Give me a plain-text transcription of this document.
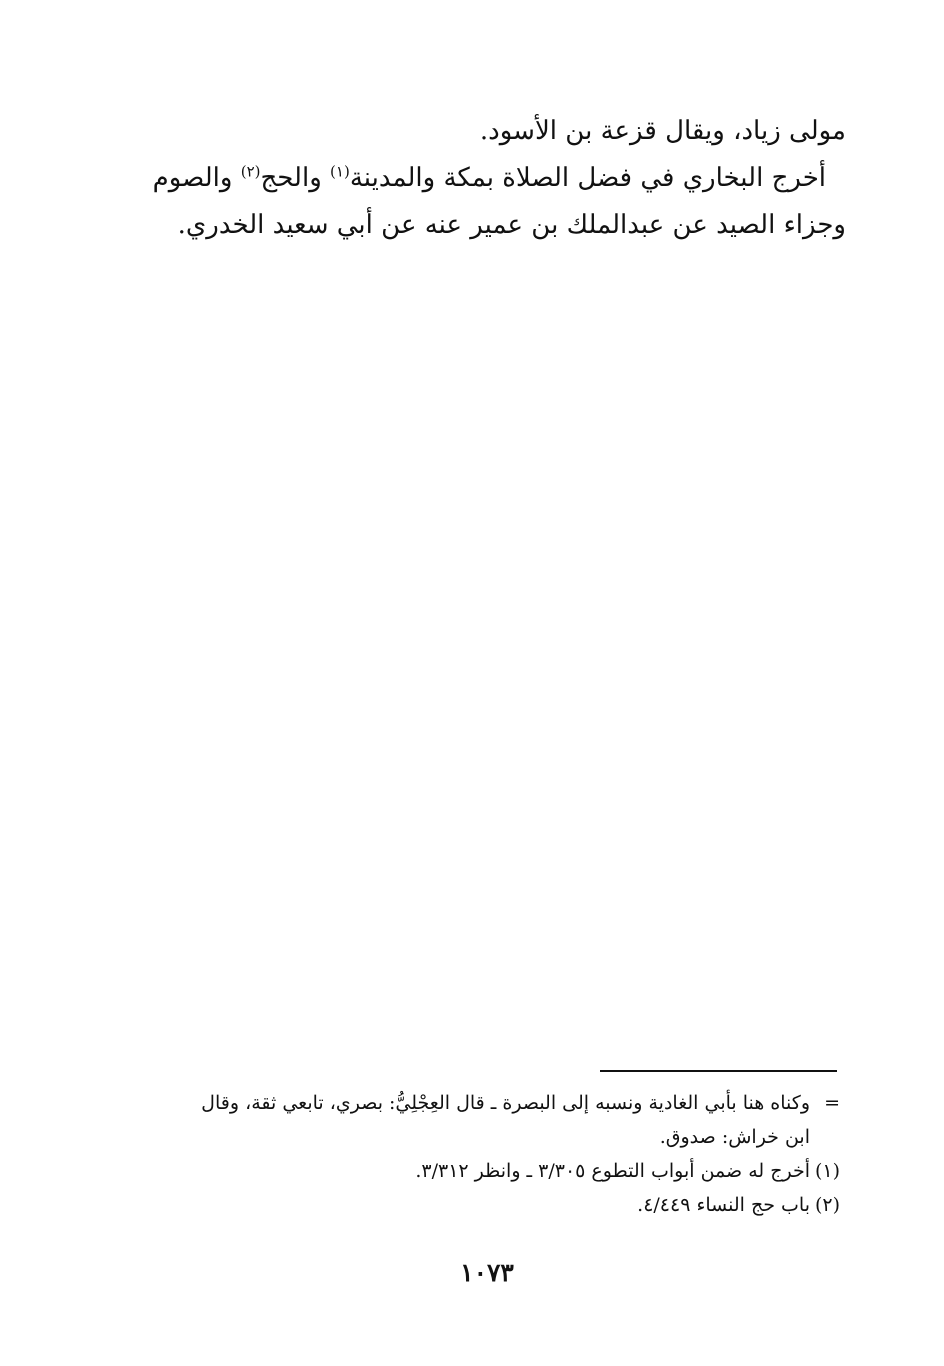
مولى زياد، ويقال قزعة بن الأسود.

أخرج البخاري في فضل الصلاة بمكة والمدينة$^{(١)}$ والحج$^{(٢)}$ والصوم

وجزاء الصيد عن عبدالملك بن عمير عنه عن أبي سعيد الخدري.

=وكناه هنا بأبي الغادية ونسبه إلى البصرة ـ قال العِجْلِيُّ: بصري، تابعي ثقة، وقال

ابن خراش: صدوق.

(١)أخرج له ضمن أبواب التطوع ٣/٣٠٥ ـ وانظر ٣/٣١٢.

(٢)باب حج النساء ٤/٤٤٩.

١٠٧٣
